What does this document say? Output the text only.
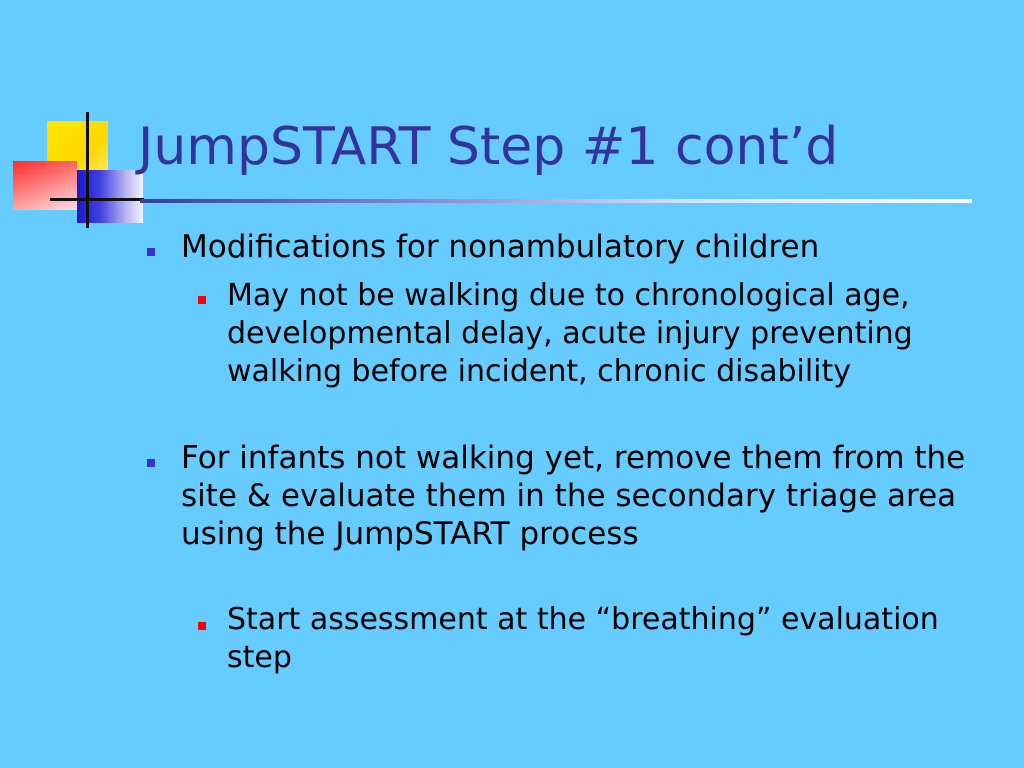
JumpSTART Step #1 cont’d
Modifications for nonambulatory children
May not be walking due to chronological age, developmental delay, acute injury preventing walking before incident, chronic disability
For infants not walking yet, remove them from the site & evaluate them in the secondary triage area using the JumpSTART process
Start assessment at the “breathing” evaluation step
